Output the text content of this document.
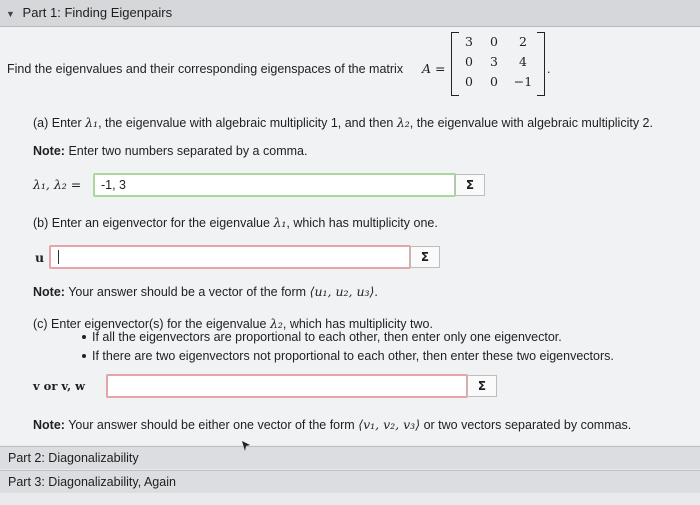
▼ Part 1: Finding Eigenpairs
Find the eigenvalues and their corresponding eigenspaces of the matrix A =
3	0	2
0	3	4
0	0	−1
.
(a) Enter λ₁, the eigenvalue with algebraic multiplicity 1, and then λ₂, the eigenvalue with algebraic multiplicity 2.
Note: Enter two numbers separated by a comma.
λ₁, λ₂ = -1, 3	Σ
(b) Enter an eigenvector for the eigenvalue λ₁, which has multiplicity one.
u	Σ
Note: Your answer should be a vector of the form ⟨u₁, u₂, u₃⟩.
(c) Enter eigenvector(s) for the eigenvalue λ₂, which has multiplicity two.
If all the eigenvectors are proportional to each other, then enter only one eigenvector.
If there are two eigenvectors not proportional to each other, then enter these two eigenvectors.
v or v, w	Σ
Note: Your answer should be either one vector of the form ⟨v₁, v₂, v₃⟩ or two vectors separated by commas.
Part 2: Diagonalizability
Part 3: Diagonalizability, Again
